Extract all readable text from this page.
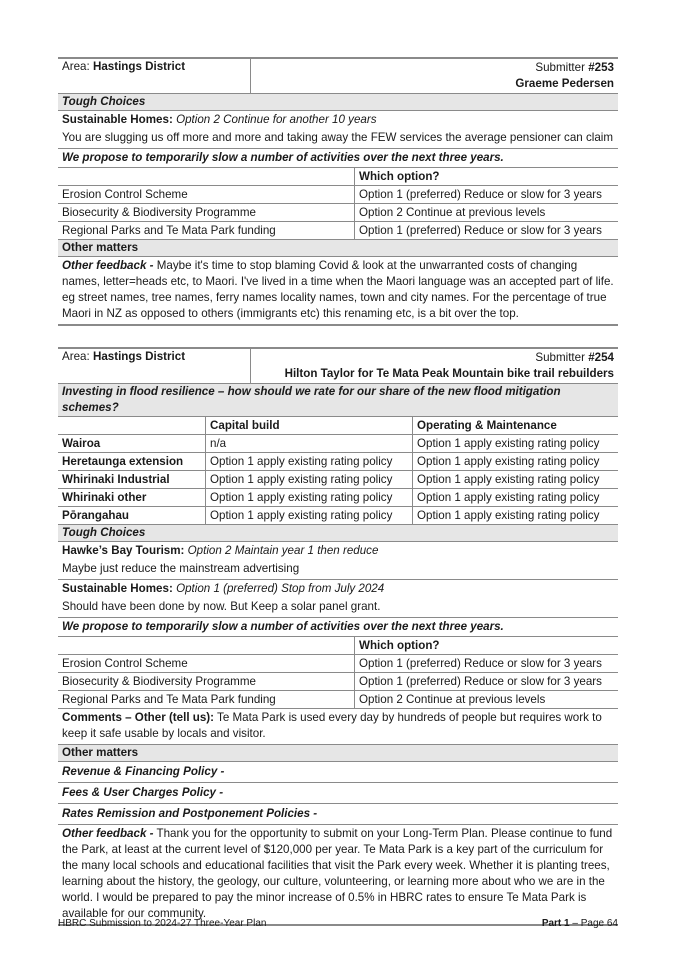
Area: Hastings District	Submitter #253
Graeme Pedersen
Tough Choices
Sustainable Homes: Option 2 Continue for another 10 years
You are slugging us off more and more and taking away the FEW services the average pensioner can claim
We propose to temporarily slow a number of activities over the next three years.
	Which option?
Erosion Control Scheme	Option 1 (preferred) Reduce or slow for 3 years
Biosecurity & Biodiversity Programme	Option 2 Continue at previous levels
Regional Parks and Te Mata Park funding	Option 1 (preferred) Reduce or slow for 3 years
Other matters
Other feedback - Maybe it's time to stop blaming Covid & look at the unwarranted costs of changing names, letter=heads etc, to Maori. I've lived in a time when the Maori language was an accepted part of life. eg street names, tree names, ferry names locality names, town and city names. For the percentage of true Maori in NZ as opposed to others (immigrants etc) this renaming etc, is a bit over the top.
Area: Hastings District	Submitter #254
Hilton Taylor for Te Mata Peak Mountain bike trail rebuilders
Investing in flood resilience – how should we rate for our share of the new flood mitigation schemes?
	Capital build	Operating & Maintenance
Wairoa	n/a	Option 1 apply existing rating policy
Heretaunga extension	Option 1 apply existing rating policy	Option 1 apply existing rating policy
Whirinaki Industrial	Option 1 apply existing rating policy	Option 1 apply existing rating policy
Whirinaki other	Option 1 apply existing rating policy	Option 1 apply existing rating policy
Pōrangahau	Option 1 apply existing rating policy	Option 1 apply existing rating policy
Tough Choices
Hawke’s Bay Tourism: Option 2 Maintain year 1 then reduce
Maybe just reduce the mainstream advertising
Sustainable Homes: Option 1 (preferred) Stop from July 2024
Should have been done by now. But Keep a solar panel grant.
We propose to temporarily slow a number of activities over the next three years.
	Which option?
Erosion Control Scheme	Option 1 (preferred) Reduce or slow for 3 years
Biosecurity & Biodiversity Programme	Option 1 (preferred) Reduce or slow for 3 years
Regional Parks and Te Mata Park funding	Option 2 Continue at previous levels
Comments – Other (tell us): Te Mata Park is used every day by hundreds of people but requires work to keep it safe usable by locals and visitor.
Other matters
Revenue & Financing Policy -
Fees & User Charges Policy -
Rates Remission and Postponement Policies -
Other feedback - Thank you for the opportunity to submit on your Long-Term Plan. Please continue to fund the Park, at least at the current level of $120,000 per year. Te Mata Park is a key part of the curriculum for the many local schools and educational facilities that visit the Park every week. Whether it is planting trees, learning about the history, the geology, our culture, volunteering, or learning more about who we are in the world. I would be prepared to pay the minor increase of 0.5% in HBRC rates to ensure Te Mata Park is available for our community.
HBRC Submission to 2024-27 Three-Year Plan	Part 1 – Page 64
